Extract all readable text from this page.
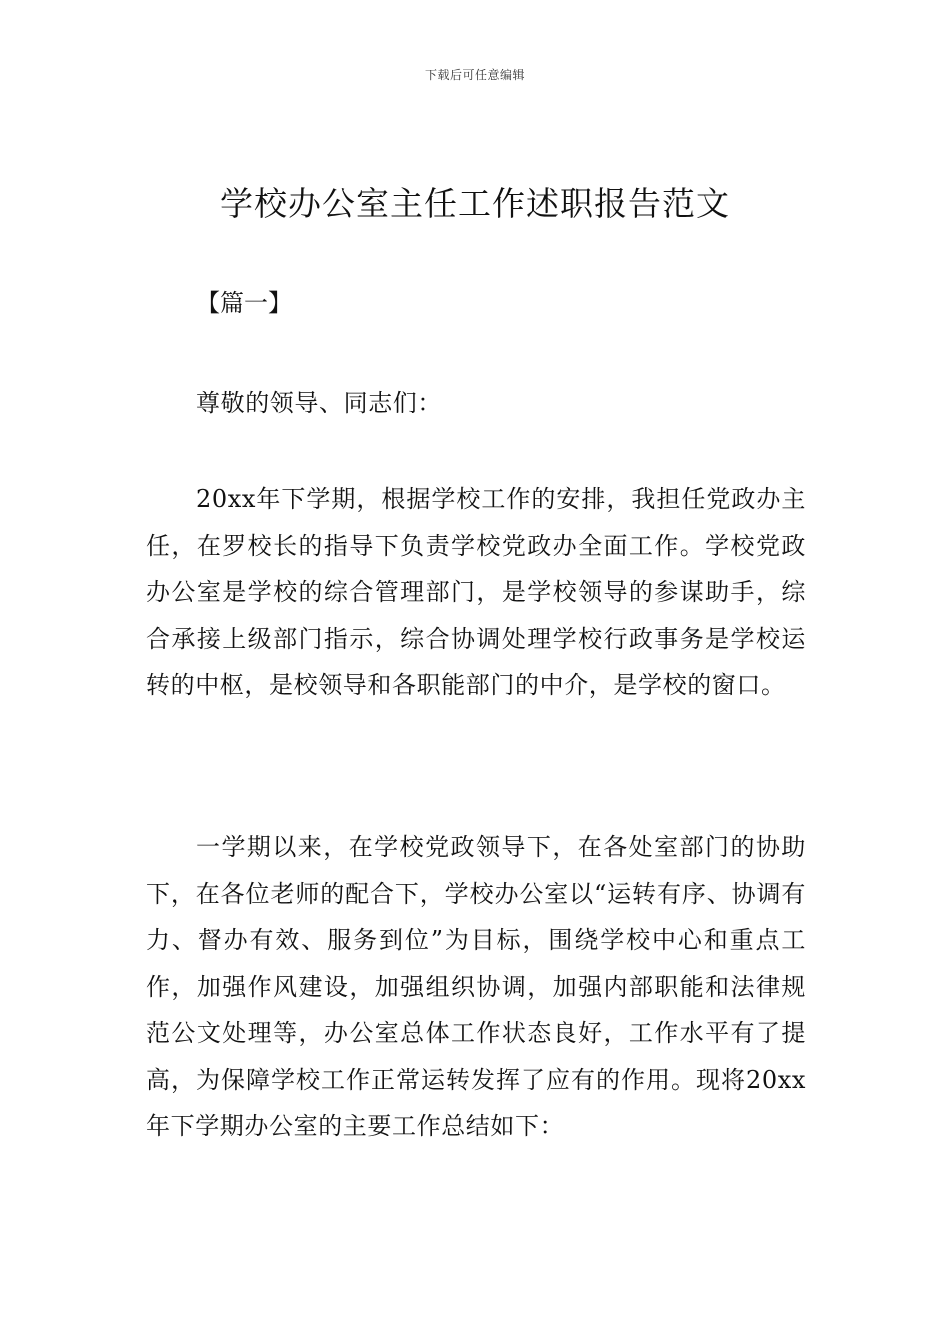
下载后可任意编辑
学校办公室主任工作述职报告范文
【篇一】

尊敬的领导、同志们：

20xx年下学期，根据学校工作的安排，我担任党政办主任，在罗校长的指导下负责学校党政办全面工作。学校党政办公室是学校的综合管理部门，是学校领导的参谋助手，综合承接上级部门指示，综合协调处理学校行政事务是学校运转的中枢，是校领导和各职能部门的中介，是学校的窗口。

一学期以来，在学校党政领导下，在各处室部门的协助下，在各位老师的配合下，学校办公室以“运转有序、协调有力、督办有效、服务到位”为目标，围绕学校中心和重点工作，加强作风建设，加强组织协调，加强内部职能和法律规范公文处理等，办公室总体工作状态良好，工作水平有了提高，为保障学校工作正常运转发挥了应有的作用。现将20xx年下学期办公室的主要工作总结如下：
